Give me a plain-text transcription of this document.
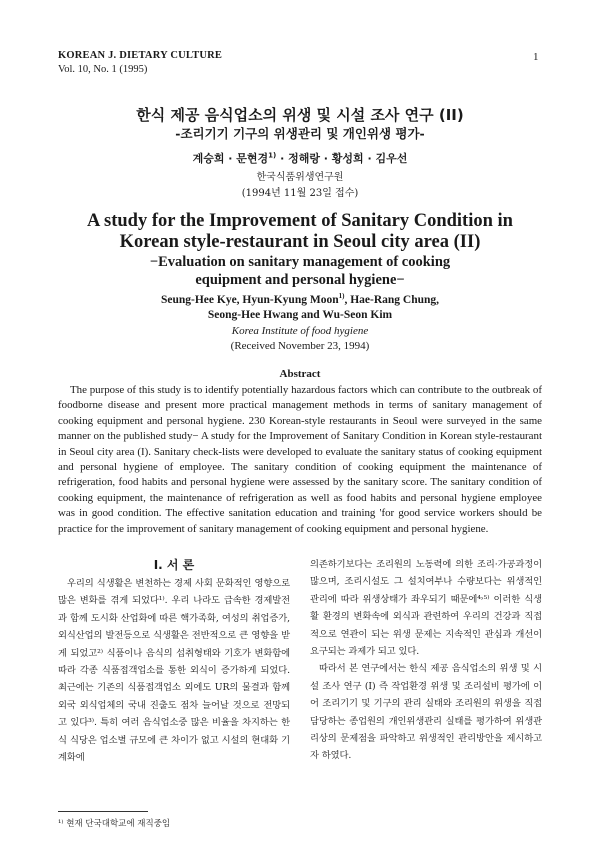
KOREAN J. DIETARY CULTURE
Vol. 10, No. 1 (1995)
1
한식 제공 음식업소의 위생 및 시설 조사 연구 (II)
-조리기기 기구의 위생관리 및 개인위생 평가-
계승희 · 문현경$^{1)}$ · 정해랑 · 황성희 · 김우선
한국식품위생연구원
(1994년 11월 23일 접수)
A study for the Improvement of Sanitary Condition in
Korean style-restaurant in Seoul city area (II)
−Evaluation on sanitary management of cooking
equipment and personal hygiene−
Seung-Hee Kye, Hyun-Kyung Moon$^{1)}$, Hae-Rang Chung,
Seong-Hee Hwang and Wu-Seon Kim
Korea Institute of food hygiene
(Received November 23, 1994)
Abstract
The purpose of this study is to identify potentially hazardous factors which can contribute to the outbreak of foodborne disease and present more practical management methods in terms of sanitary management of cooking equipment and personal hygiene. 230 Korean-style restaurants in Seoul were surveyed in the same manner on the published study− A study for the Improvement of Sanitary Condition in Korean style-restaurant in Seoul city area (I). Sanitary check-lists were developed to evaluate the sanitary status of cooking equipment and personal hygiene of employee. The sanitary condition of cooking equipment the maintenance of refrigeration, food habits and personal hygiene were assessed by the sanitary score. The sanitary condition of cooking equipment, the maintenance of refrigeration as well as food habits and personal hygiene employee was in good condition. The effective sanitation education and training 'for good service workers should be practice for the improvement of sanitary management of cooking equipment and personal hygiene.
I. 서 론
우리의 식생활은 변천하는 경제 사회 문화적인 영향으로 많은 변화를 겪게 되었다¹⁾. 우리 나라도 급속한 경제발전과 함께 도시화 산업화에 따른 핵가족화, 여성의 취업증가, 외식산업의 발전등으로 식생활은 전반적으로 큰 영향을 받게 되었고²⁾ 식품이나 음식의 섭취형태와 기호가 변화함에 따라 각종 식품접객업소를 통한 외식이 증가하게 되었다. 최근에는 기존의 식품접객업소 외에도 UR의 물결과 함께 외국 외식업체의 국내 진출도 점차 늘어날 것으로 전망되고 있다³⁾. 특히 여러 음식업소중 많은 비율을 차지하는 한식 식당은 업소별 규모에 큰 차이가 없고 시설의 현대화 기계화에
의존하기보다는 조리원의 노동력에 의한 조리·가공과정이 많으며, 조리시설도 그 설치여부나 수량보다는 위생적인 관리에 따라 위생상태가 좌우되기 때문에⁴˒⁵⁾ 이러한 식생활 환경의 변화속에 외식과 관련하여 우리의 건강과 직접적으로 연관이 되는 위생 문제는 지속적인 관심과 개선이 요구되는 과제가 되고 있다.
따라서 본 연구에서는 한식 제공 음식업소의 위생 및 시설 조사 연구 (I) 즉 작업환경 위생 및 조리설비 평가에 이어 조리기기 및 기구의 관리 실태와 조리원의 위생을 직접 담당하는 종업원의 개인위생관리 실태를 평가하여 위생관리상의 문제점을 파악하고 위생적인 관리방안을 제시하고자 하였다.
¹⁾ 현재 단국대학교에 재직중임
